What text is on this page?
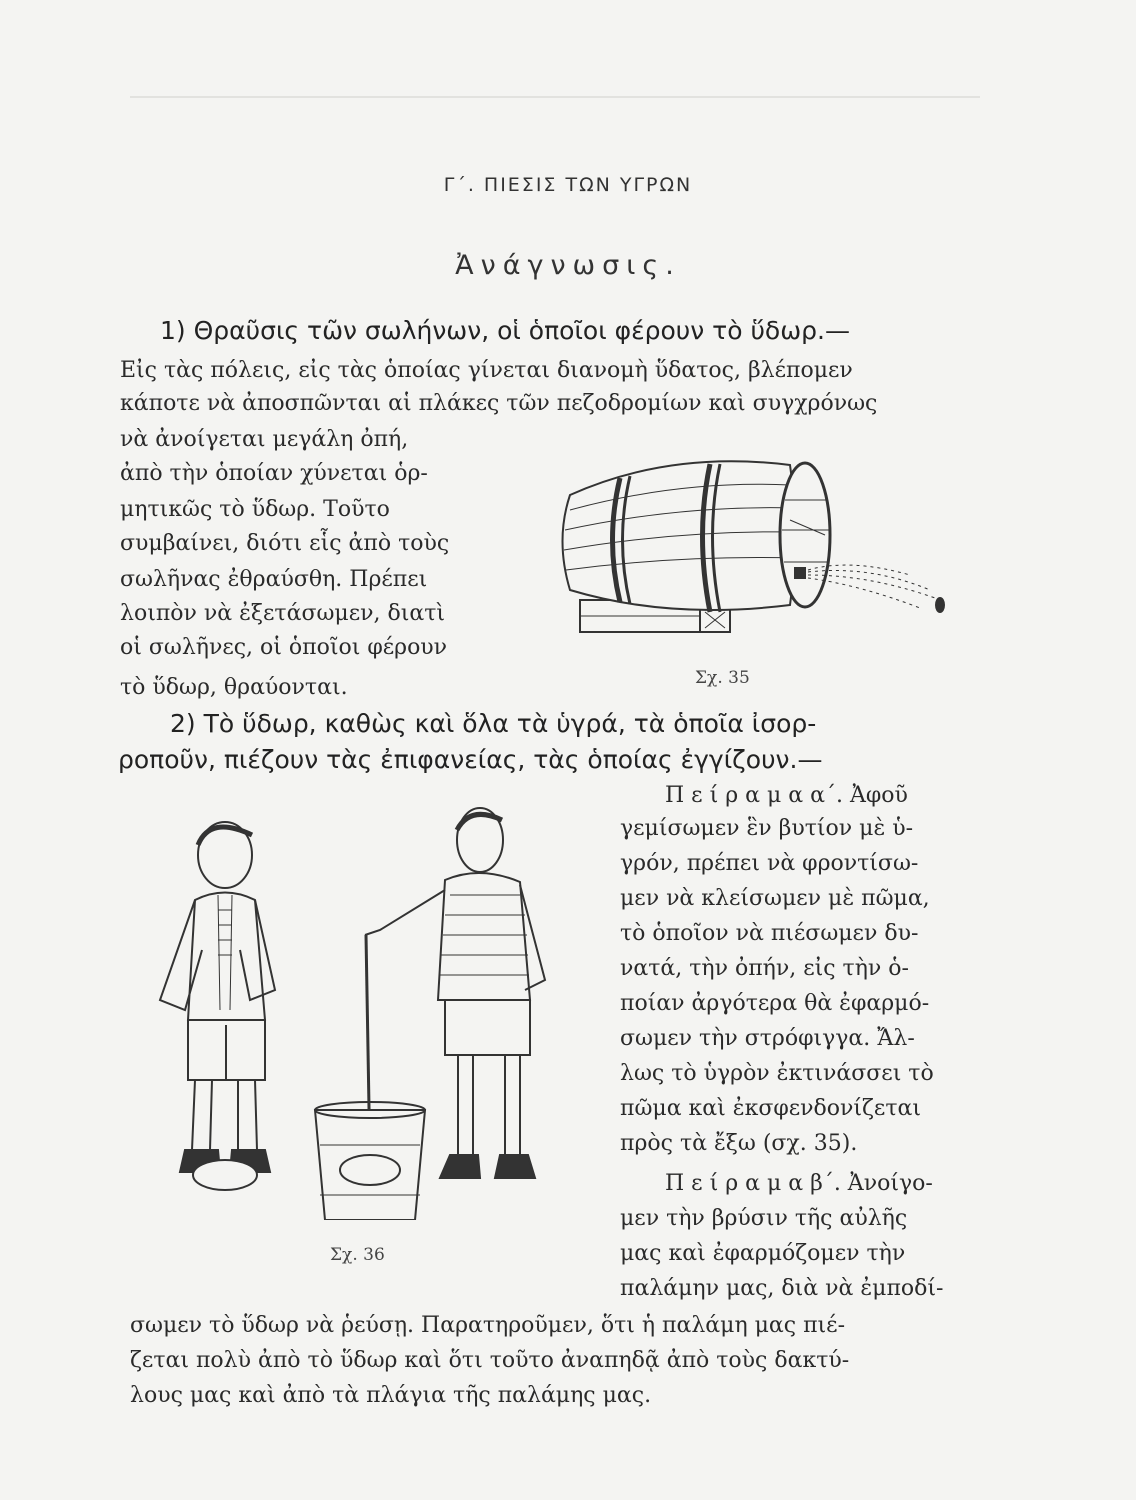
Γ΄. ΠΙΕΣΙΣ ΤΩΝ ΥΓΡΩΝ
Ἀνάγνωσις.
1) Θραῦσις τῶν σωλήνων, οἱ ὁποῖοι φέρουν τὸ ὕδωρ.—
Εἰς τὰς πόλεις, εἰς τὰς ὁποίας γίνεται διανομὴ ὕδατος, βλέπομεν
κάποτε νὰ ἀποσπῶνται αἱ πλάκες τῶν πεζοδρομίων καὶ συγχρόνως
νὰ ἀνοίγεται μεγάλη ὀπή,
ἀπὸ τὴν ὁποίαν χύνεται ὁρ-
μητικῶς τὸ ὕδωρ. Τοῦτο
συμβαίνει, διότι εἷς ἀπὸ τοὺς
σωλῆνας ἐθραύσθη. Πρέπει
λοιπὸν νὰ ἐξετάσωμεν, διατὶ
οἱ σωλῆνες, οἱ ὁποῖοι φέρουν
τὸ ὕδωρ, θραύονται.	Σχ. 35
2) Τὸ ὕδωρ, καθὼς καὶ ὅλα τὰ ὑγρά, τὰ ὁποῖα ἰσορ-
ροποῦν, πιέζουν τὰς ἐπιφανείας, τὰς ὁποίας ἐγγίζουν.—
Π ε ί ρ α μ α α΄. Ἀφοῦ
γεμίσωμεν ἓν βυτίον μὲ ὑ-
γρόν, πρέπει νὰ φροντίσω-
μεν νὰ κλείσωμεν μὲ πῶμα,
τὸ ὁποῖον νὰ πιέσωμεν δυ-
νατά, τὴν ὀπήν, εἰς τὴν ὁ-
ποίαν ἀργότερα θὰ ἐφαρμό-
σωμεν τὴν στρόφιγγα. Ἄλ-
λως τὸ ὑγρὸν ἐκτινάσσει τὸ
πῶμα καὶ ἐκσφενδονίζεται
πρὸς τὰ ἔξω (σχ. 35).
Π ε ί ρ α μ α β΄. Ἀνοίγο-
μεν τὴν βρύσιν τῆς αὐλῆς
μας καὶ ἐφαρμόζομεν τὴν
παλάμην μας, διὰ νὰ ἐμποδί-
Σχ. 36
σωμεν τὸ ὕδωρ νὰ ῥεύσῃ. Παρατηροῦμεν, ὅτι ἡ παλάμη μας πιέ-
ζεται πολὺ ἀπὸ τὸ ὕδωρ καὶ ὅτι τοῦτο ἀναπηδᾷ ἀπὸ τοὺς δακτύ-
λους μας καὶ ἀπὸ τὰ πλάγια τῆς παλάμης μας.
